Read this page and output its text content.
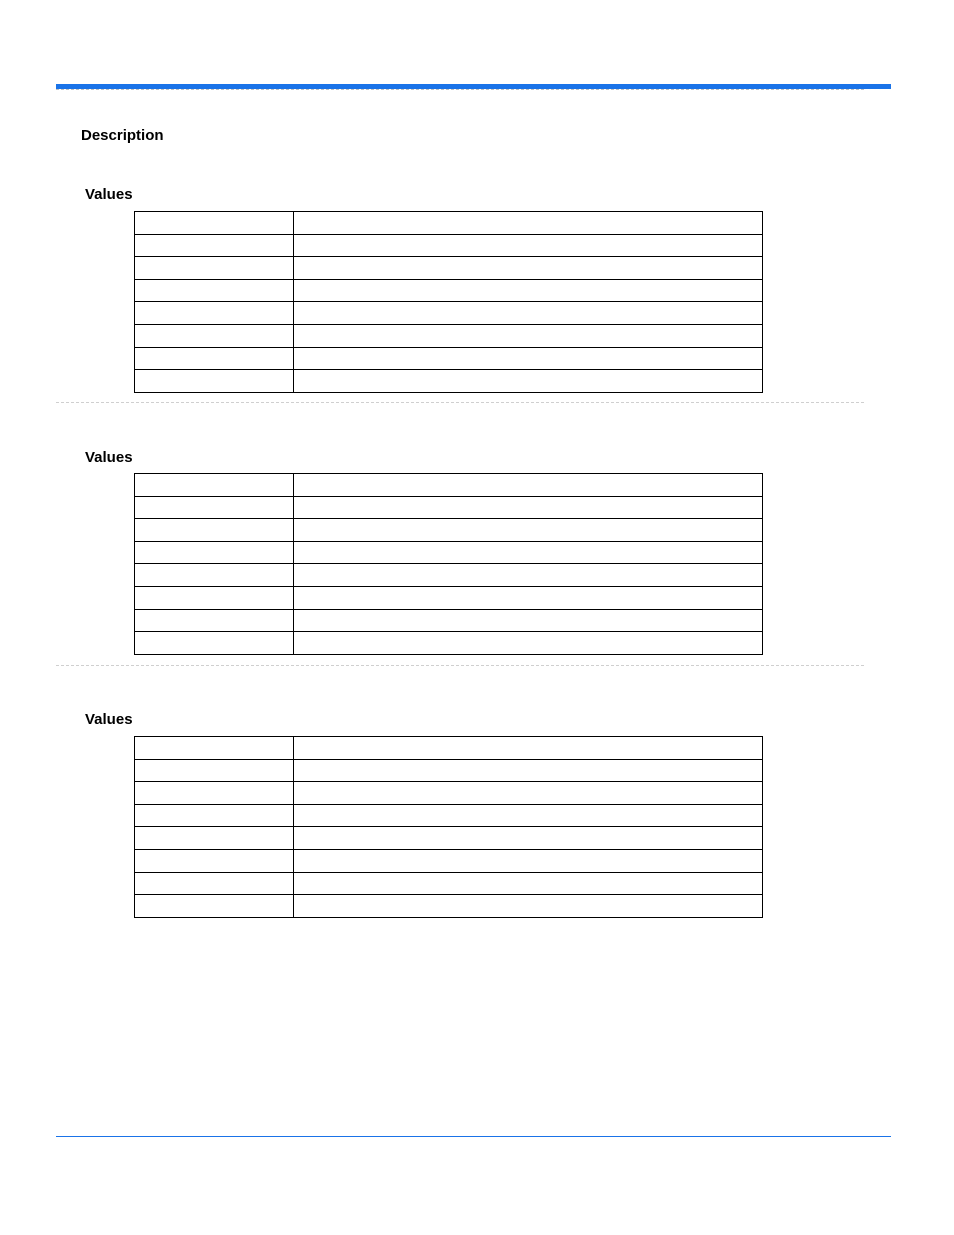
Description
Values

Values

Values
